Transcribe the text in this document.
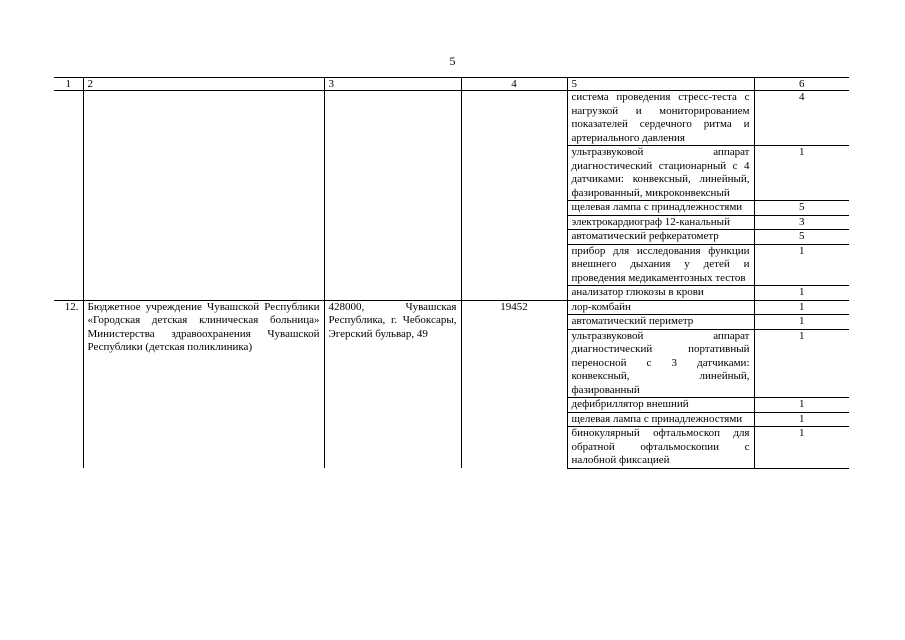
5
1	2	3	4	5	6
				система проведения стресс-теста с нагрузкой и мониторированием показателей сердечного ритма и артериального давления	4
				ультразвуковой аппарат диагностический стационарный с 4 датчиками: конвексный, линейный, фазированный, микроконвексный	1
				щелевая лампа с принадлежностями	5
				электрокардиограф 12-канальный	3
				автоматический рефкератометр	5
				прибор для исследования функции внешнего дыхания у детей и проведения медикаментозных тестов	1
				анализатор глюкозы в крови	1
12.	Бюджетное учреждение Чувашской Республики «Городская детская клиническая больница» Министерства здравоохранения Чувашской Республики (детская поликлиника)	428000, Чувашская Республика, г. Чебоксары, Эгерский бульвар, 49	19452	лор-комбайн	1
				автоматический периметр	1
				ультразвуковой аппарат диагностический портативный переносной с 3 датчиками: конвексный, линейный, фазированный	1
				дефибриллятор внешний	1
				щелевая лампа с принадлежностями	1
				бинокулярный офтальмоскоп для обратной офтальмоскопии с налобной фиксацией	1
